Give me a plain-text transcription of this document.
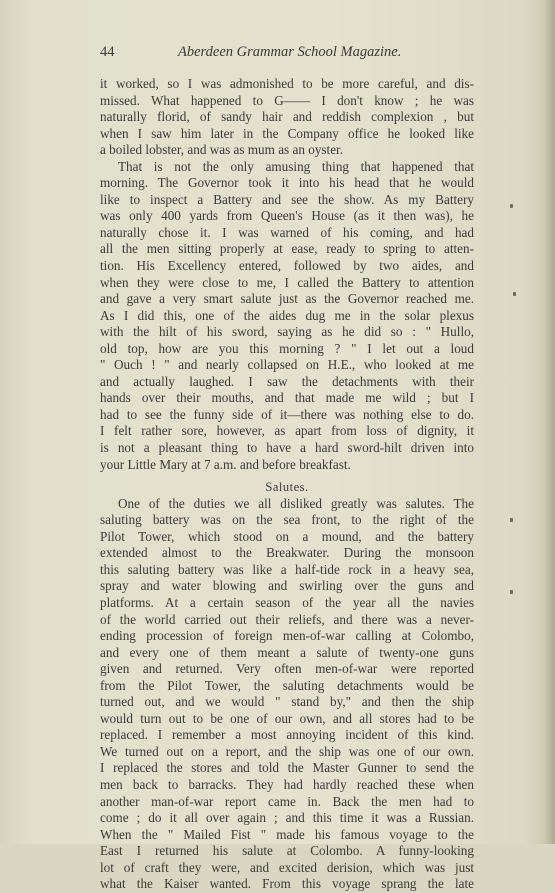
44	Aberdeen Grammar School Magazine.
it worked, so I was admonished to be more careful, and dis-
missed. What happened to G—— I don't know ; he was
naturally florid, of sandy hair and reddish complexion , but
when I saw him later in the Company office he looked like
a boiled lobster, and was as mum as an oyster.
That is not the only amusing thing that happened that
morning. The Governor took it into his head that he would
like to inspect a Battery and see the show. As my Battery
was only 400 yards from Queen's House (as it then was), he
naturally chose it. I was warned of his coming, and had
all the men sitting properly at ease, ready to spring to atten-
tion. His Excellency entered, followed by two aides, and
when they were close to me, I called the Battery to attention
and gave a very smart salute just as the Governor reached me.
As I did this, one of the aides dug me in the solar plexus
with the hilt of his sword, saying as he did so : " Hullo,
old top, how are you this morning ? " I let out a loud
" Ouch ! " and nearly collapsed on H.E., who looked at me
and actually laughed. I saw the detachments with their
hands over their mouths, and that made me wild ; but I
had to see the funny side of it—there was nothing else to do.
I felt rather sore, however, as apart from loss of dignity, it
is not a pleasant thing to have a hard sword-hilt driven into
your Little Mary at 7 a.m. and before breakfast.
Salutes.
One of the duties we all disliked greatly was salutes. The
saluting battery was on the sea front, to the right of the
Pilot Tower, which stood on a mound, and the battery
extended almost to the Breakwater. During the monsoon
this saluting battery was like a half-tide rock in a heavy sea,
spray and water blowing and swirling over the guns and
platforms. At a certain season of the year all the navies
of the world carried out their reliefs, and there was a never-
ending procession of foreign men-of-war calling at Colombo,
and every one of them meant a salute of twenty-one guns
given and returned. Very often men-of-war were reported
from the Pilot Tower, the saluting detachments would be
turned out, and we would " stand by," and then the ship
would turn out to be one of our own, and all stores had to be
replaced. I remember a most annoying incident of this kind.
We turned out on a report, and the ship was one of our own.
I replaced the stores and told the Master Gunner to send the
men back to barracks. They had hardly reached these when
another man-of-war report came in. Back the men had to
come ; do it all over again ; and this time it was a Russian.
When the " Mailed Fist " made his famous voyage to the
East I returned his salute at Colombo. A funny-looking
lot of craft they were, and excited derision, which was just
what the Kaiser wanted. From this voyage sprang the late
